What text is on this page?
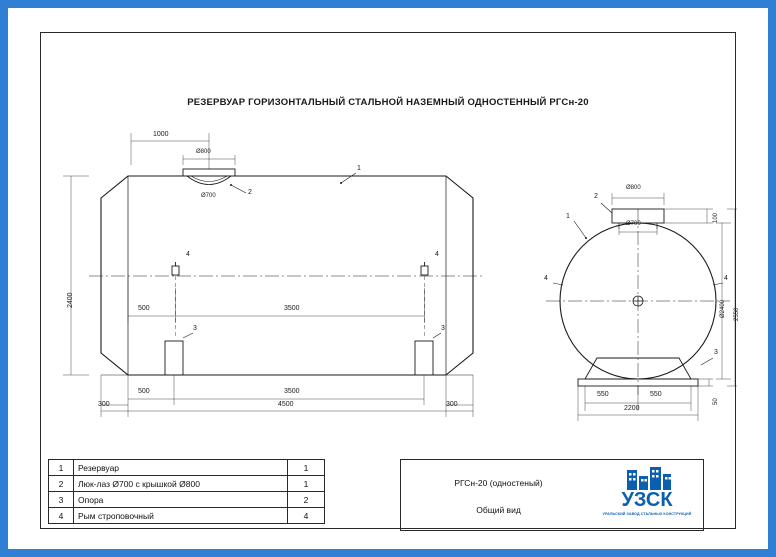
РЕЗЕРВУАР ГОРИЗОНТАЛЬНЫЙ СТАЛЬНОЙ НАЗЕМНЫЙ ОДНОСТЕННЫЙ РГСн-20
1000
Ø800
Ø700
2400
500	3500
500	3500
4500
300	300
1
2
3	3
4	4
Ø800
Ø700
100
Ø2400 2550
550	550
2200
50
1
2
3
4	4
1	Резервуар	1
2	Люк-лаз Ø700 с крышкой Ø800	1
3	Опора	2
4	Рым строповочный	4
РГСн-20 (одностеный)
Общий вид	УЗСК
УРАЛЬСКИЙ ЗАВОД СТАЛЬНЫХ КОНСТРУКЦИЙ
